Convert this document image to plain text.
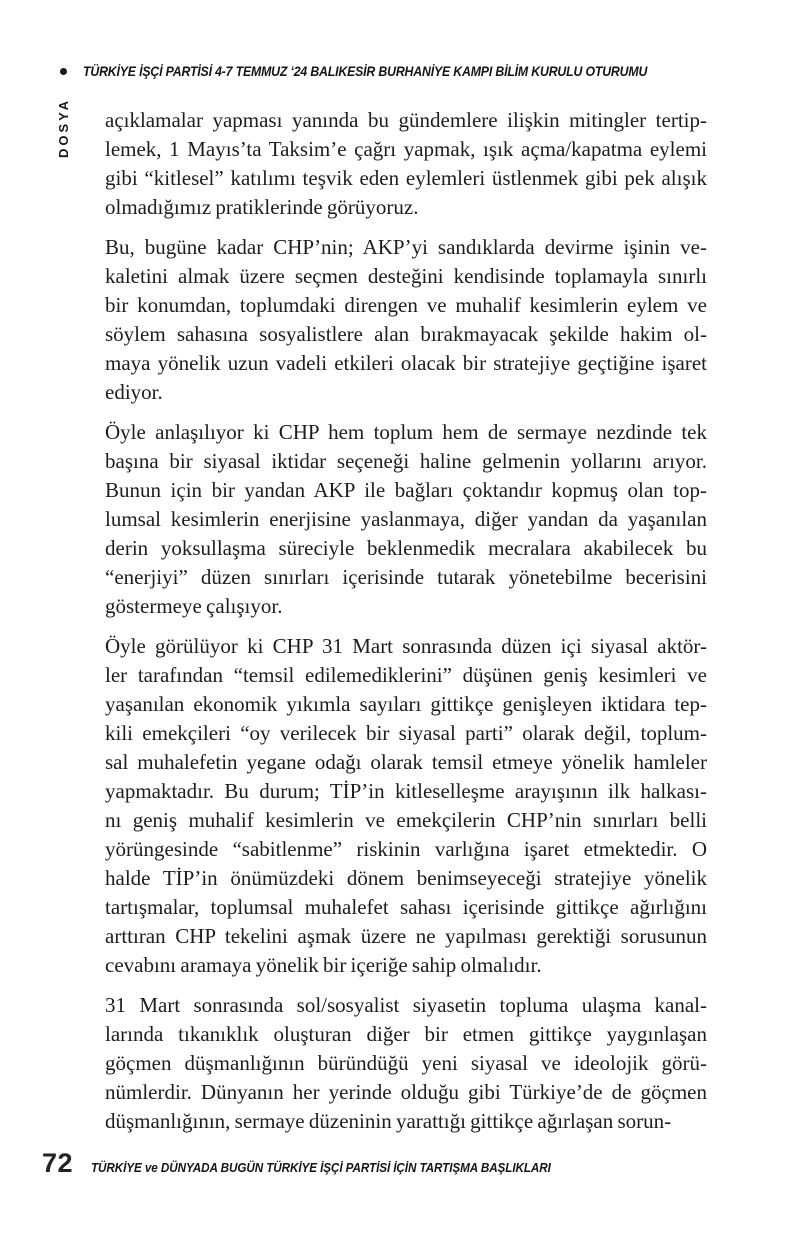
TÜRKİYE İŞÇİ PARTİSİ 4-7 TEMMUZ ‘24 BALIKESİR BURHANİYE KAMPI BİLİM KURULU OTURUMU
DOSYA açıklamalar yapması yanında bu gündemlere ilişkin mitingler tertip-
lemek, 1 Mayıs’ta Taksim’e çağrı yapmak, ışık açma/kapatma eylemi
gibi “kitlesel” katılımı teşvik eden eylemleri üstlenmek gibi pek alışık
olmadığımız pratiklerinde görüyoruz.
Bu, bugüne kadar CHP’nin; AKP’yi sandıklarda devirme işinin ve-
kaletini almak üzere seçmen desteğini kendisinde toplamayla sınırlı
bir konumdan, toplumdaki direngen ve muhalif kesimlerin eylem ve
söylem sahasına sosyalistlere alan bırakmayacak şekilde hakim ol-
maya yönelik uzun vadeli etkileri olacak bir stratejiye geçtiğine işaret
ediyor.
Öyle anlaşılıyor ki CHP hem toplum hem de sermaye nezdinde tek
başına bir siyasal iktidar seçeneği haline gelmenin yollarını arıyor.
Bunun için bir yandan AKP ile bağları çoktandır kopmuş olan top-
lumsal kesimlerin enerjisine yaslanmaya, diğer yandan da yaşanılan
derin yoksullaşma süreciyle beklenmedik mecralara akabilecek bu
“enerjiyi” düzen sınırları içerisinde tutarak yönetebilme becerisini
göstermeye çalışıyor.
Öyle görülüyor ki CHP 31 Mart sonrasında düzen içi siyasal aktör-
ler tarafından “temsil edilemediklerini” düşünen geniş kesimleri ve
yaşanılan ekonomik yıkımla sayıları gittikçe genişleyen iktidara tep-
kili emekçileri “oy verilecek bir siyasal parti” olarak değil, toplum-
sal muhalefetin yegane odağı olarak temsil etmeye yönelik hamleler
yapmaktadır. Bu durum; TİP’in kitleselleşme arayışının ilk halkası-
nı geniş muhalif kesimlerin ve emekçilerin CHP’nin sınırları belli
yörüngesinde “sabitlenme” riskinin varlığına işaret etmektedir. O
halde TİP’in önümüzdeki dönem benimseyeceği stratejiye yönelik
tartışmalar, toplumsal muhalefet sahası içerisinde gittikçe ağırlığını
arttıran CHP tekelini aşmak üzere ne yapılması gerektiği sorusunun
cevabını aramaya yönelik bir içeriğe sahip olmalıdır.
31 Mart sonrasında sol/sosyalist siyasetin topluma ulaşma kanal-
larında tıkanıklık oluşturan diğer bir etmen gittikçe yaygınlaşan
göçmen düşmanlığının büründüğü yeni siyasal ve ideolojik görü-
nümlerdir. Dünyanın her yerinde olduğu gibi Türkiye’de de göçmen
düşmanlığının, sermaye düzeninin yarattığı gittikçe ağırlaşan sorun-
72 TÜRKİYE ve DÜNYADA BUGÜN TÜRKİYE İŞÇİ PARTİSİ İÇİN TARTIŞMA BAŞLIKLARI
